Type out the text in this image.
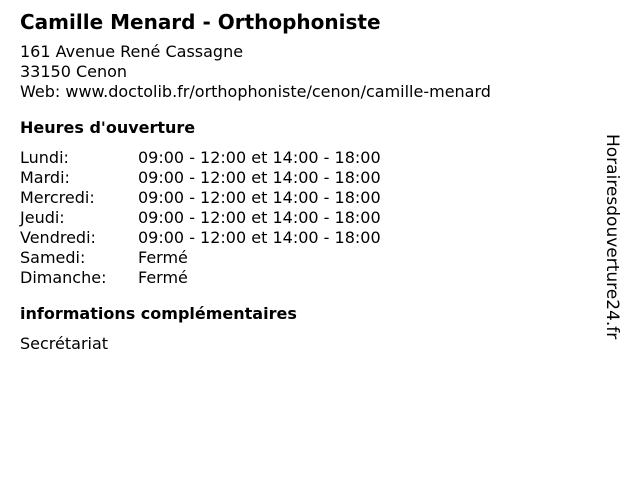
Camille Menard - Orthophoniste
161 Avenue René Cassagne
33150 Cenon
Web: www.doctolib.fr/orthophoniste/cenon/camille-menard
Heures d'ouverture
Lundi:	09:00 - 12:00 et 14:00 - 18:00
Mardi:	09:00 - 12:00 et 14:00 - 18:00
Mercredi:	09:00 - 12:00 et 14:00 - 18:00
Jeudi:	09:00 - 12:00 et 14:00 - 18:00
Vendredi:	09:00 - 12:00 et 14:00 - 18:00
Samedi:	Fermé
Dimanche:	Fermé
informations complémentaires
Secrétariat
Horairesdouverture24.fr
